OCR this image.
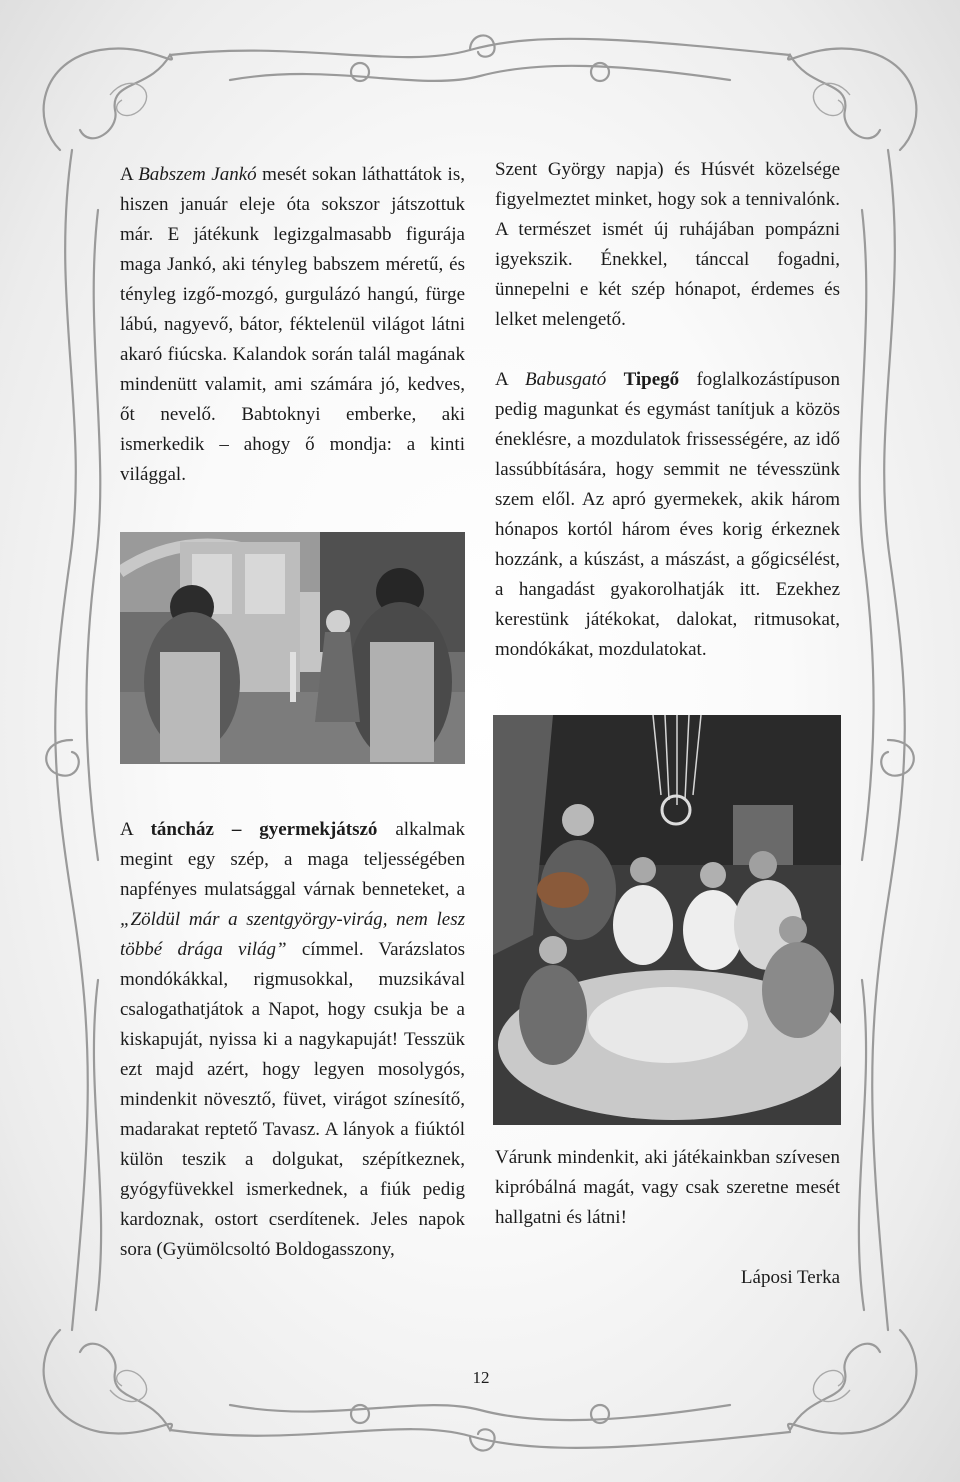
A Babszem Jankó mesét sokan láthattátok is, hiszen január eleje óta sokszor játszottuk már. E játékunk legizgalmasabb figurája maga Jankó, aki tényleg babszem méretű, és tényleg izgő-mozgó, gurgulázó hangú, fürge lábú, nagyevő, bátor, féktelenül világot látni akaró fiúcska. Kalandok során talál magának mindenütt valamit, ami számára jó, kedves, őt nevelő. Babtoknyi emberke, aki ismerkedik – ahogy ő mondja: a kinti világgal.

A táncház – gyermekjátszó alkalmak megint egy szép, a maga teljességében napfényes mulatsággal várnak benneteket, a „Zöldül már a szentgyörgy-virág, nem lesz többé drága világ” címmel. Varázslatos mondókákkal, rigmusokkal, muzsikával csalogathatjátok a Napot, hogy csukja be a kiskapuját, nyissa ki a nagykapuját! Tesszük ezt majd azért, hogy legyen mosolygós, mindenkit növesztő, füvet, virágot színesítő, madarakat reptető Tavasz. A lányok a fiúktól külön teszik a dolgukat, szépítkeznek, gyógyfüvekkel ismerkednek, a fiúk pedig kardoznak, ostort cserdítenek. Jeles napok sora (Gyümölcsoltó Boldogasszony,

Szent György napja) és Húsvét közelsége figyelmeztet minket, hogy sok a tennivalónk. A természet ismét új ruhájában pompázni igyekszik. Énekkel, tánccal fogadni, ünnepelni e két szép hónapot, érdemes és lelket melengető.

A Babusgató Tipegő foglalkozástípuson pedig magunkat és egymást tanítjuk a közös éneklésre, a mozdulatok frissességére, az idő lassúbbítására, hogy semmit ne tévesszünk szem elől. Az apró gyermekek, akik három hónapos kortól három éves korig érkeznek hozzánk, a kúszást, a mászást, a gőgicsélést, a hangadást gyakorolhatják itt. Ezekhez kerestünk játékokat, dalokat, ritmusokat, mondókákat, mozdulatokat.

Várunk mindenkit, aki játékainkban szívesen kipróbálná magát, vagy csak szeretne mesét hallgatni és látni!

Láposi Terka

12
